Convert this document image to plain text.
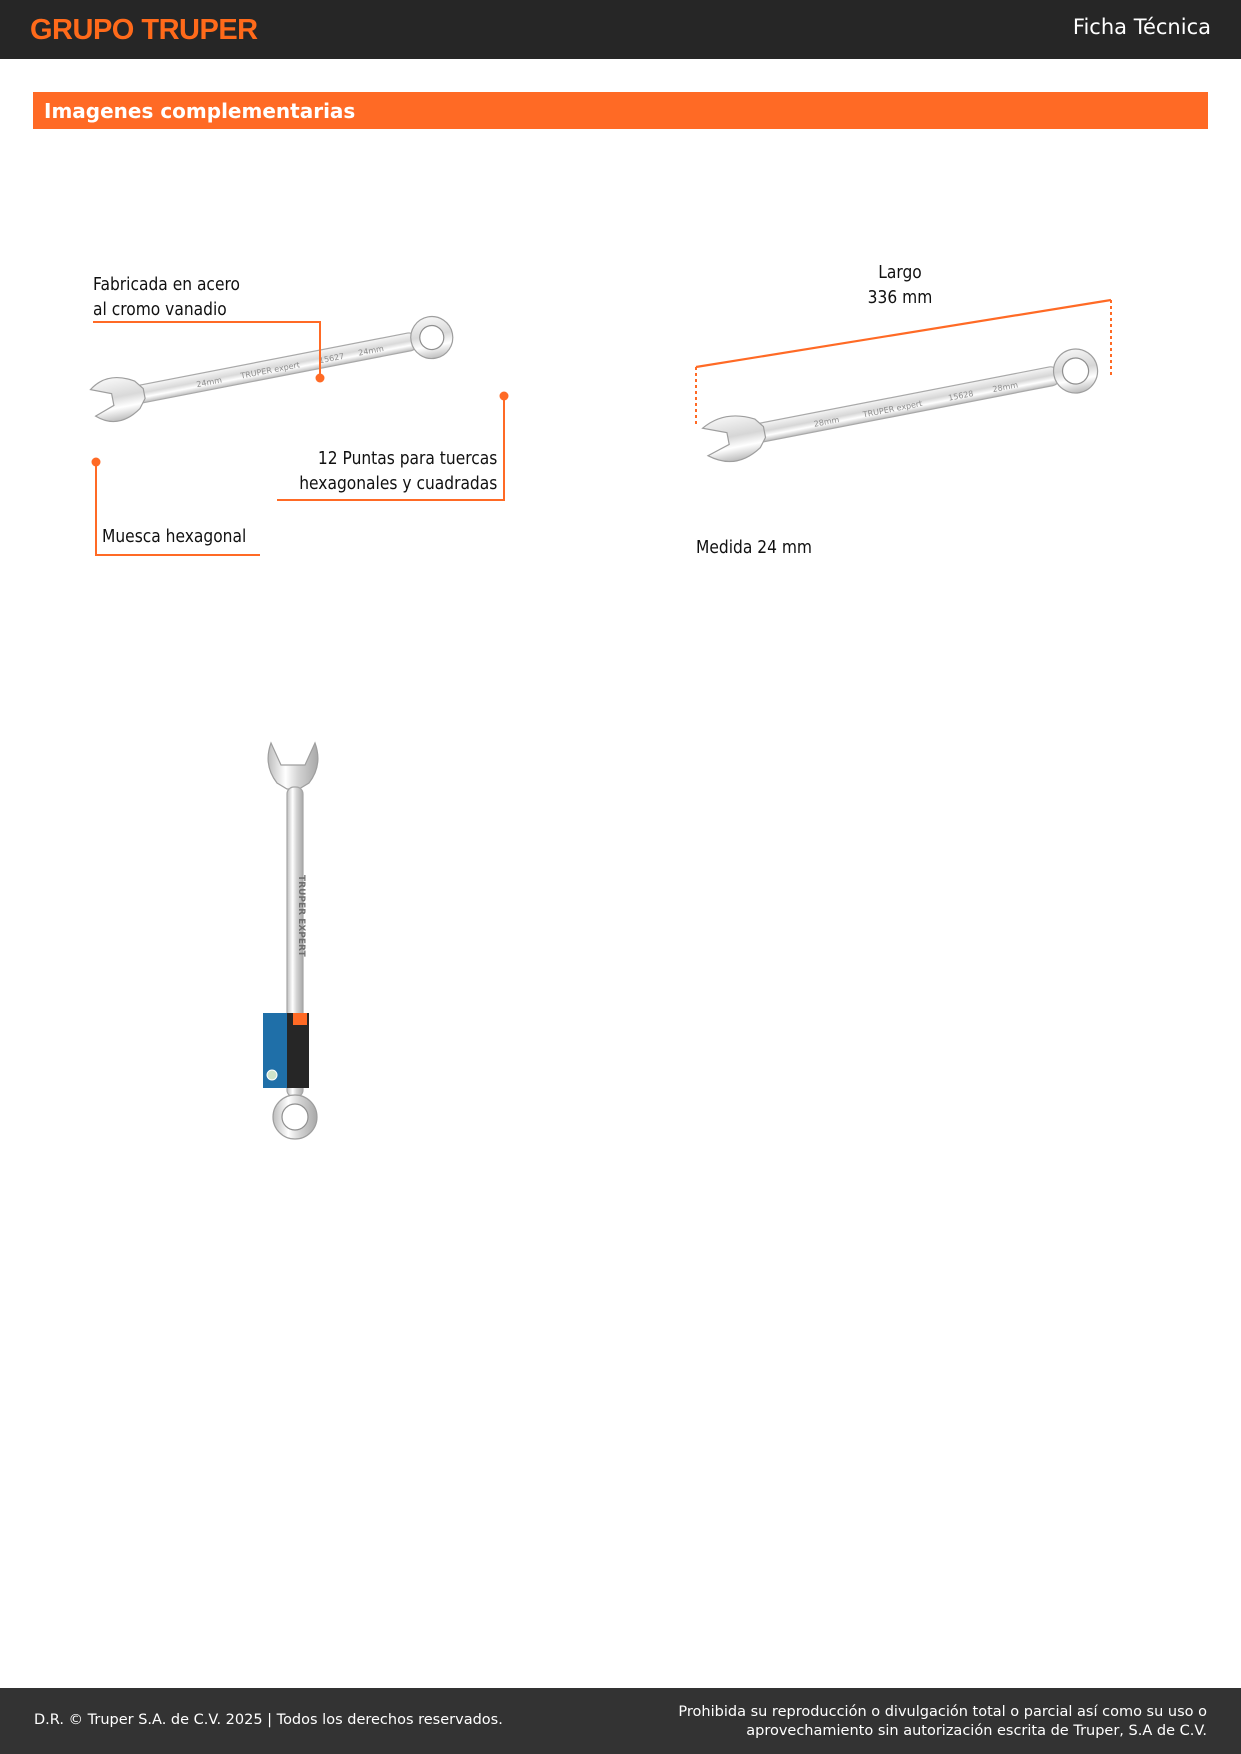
GRUPO TRUPER	Ficha Técnica
Imagenes complementarias
24mm
TRUPER expert
15627
24mm
Fabricada en acero
al cromo vanadio
12 Puntas para tuercas
hexagonales y cuadradas
Muesca hexagonal
28mm
TRUPER expert
15628
28mm
Largo
336 mm
Medida 24 mm
TRUPER EXPERT
D.R. © Truper S.A. de C.V. 2025 | Todos los derechos reservados.	Prohibida su reproducción o divulgación total o parcial así como su uso o
aprovechamiento sin autorización escrita de Truper, S.A de C.V.
